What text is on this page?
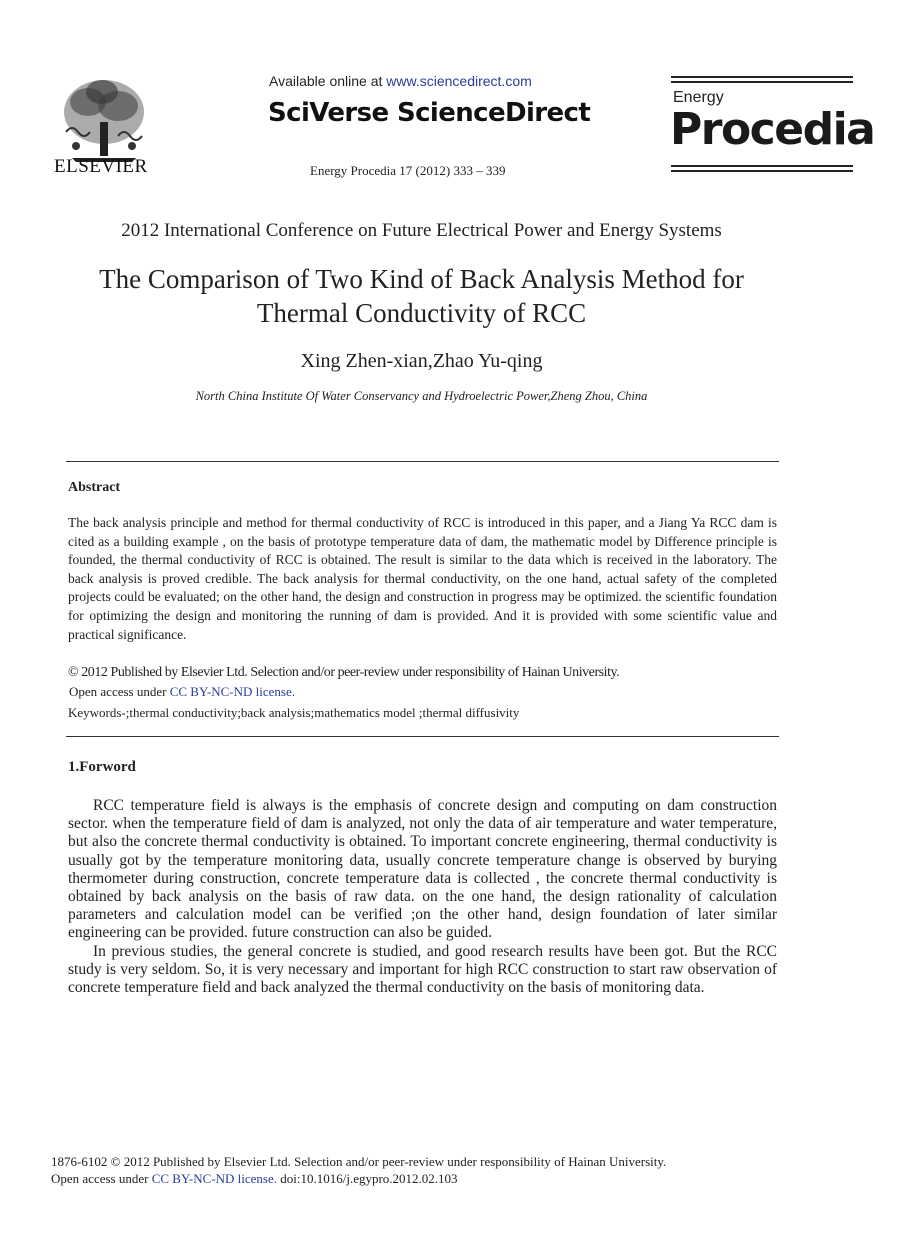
ELSEVIER
Available online at www.sciencedirect.com
SciVerse ScienceDirect
Energy Procedia 17 (2012) 333 – 339
Energy
Procedia
2012 International Conference on Future Electrical Power and Energy Systems
The Comparison of Two Kind of Back Analysis Method for Thermal Conductivity of RCC
Xing Zhen-xian,Zhao Yu-qing
North China Institute Of Water Conservancy and Hydroelectric Power,Zheng Zhou, China
Abstract
The back analysis principle and method for thermal conductivity of RCC is introduced in this paper, and a Jiang Ya RCC dam is cited as a building example , on the basis of prototype temperature data of dam, the mathematic model by Difference principle is founded, the thermal conductivity of RCC is obtained. The result is similar to the data which is received in the laboratory. The back analysis is proved credible. The back analysis for thermal conductivity, on the one hand, actual safety of the completed projects could be evaluated; on the other hand, the design and construction in progress may be optimized. the scientific foundation for optimizing the design and monitoring the running of dam is provided. And it is provided with some scientific value and practical significance.
© 2012 Published by Elsevier Ltd. Selection and/or peer-review under responsibility of Hainan University.
Open access under CC BY-NC-ND license.
Keywords-;thermal conductivity;back analysis;mathematics model ;thermal diffusivity
1.Forword

RCC temperature field is always is the emphasis of concrete design and computing on dam construction sector. when the temperature field of dam is analyzed, not only the data of air temperature and water temperature, but also the concrete thermal conductivity is obtained. To important concrete engineering, thermal conductivity is usually got by the temperature monitoring data, usually concrete temperature change is observed by burying thermometer during construction, concrete temperature data is collected , the concrete thermal conductivity is obtained by back analysis on the basis of raw data. on the one hand, the design rationality of calculation parameters and calculation model can be verified ;on the other hand, design foundation of later similar engineering can be provided. future construction can also be guided.

In previous studies, the general concrete is studied, and good research results have been got. But the RCC study is very seldom. So, it is very necessary and important for high RCC construction to start raw observation of concrete temperature field and back analyzed the thermal conductivity on the basis of monitoring data.

1876-6102 © 2012 Published by Elsevier Ltd. Selection and/or peer-review under responsibility of Hainan University.
Open access under CC BY-NC-ND license. doi:10.1016/j.egypro.2012.02.103
